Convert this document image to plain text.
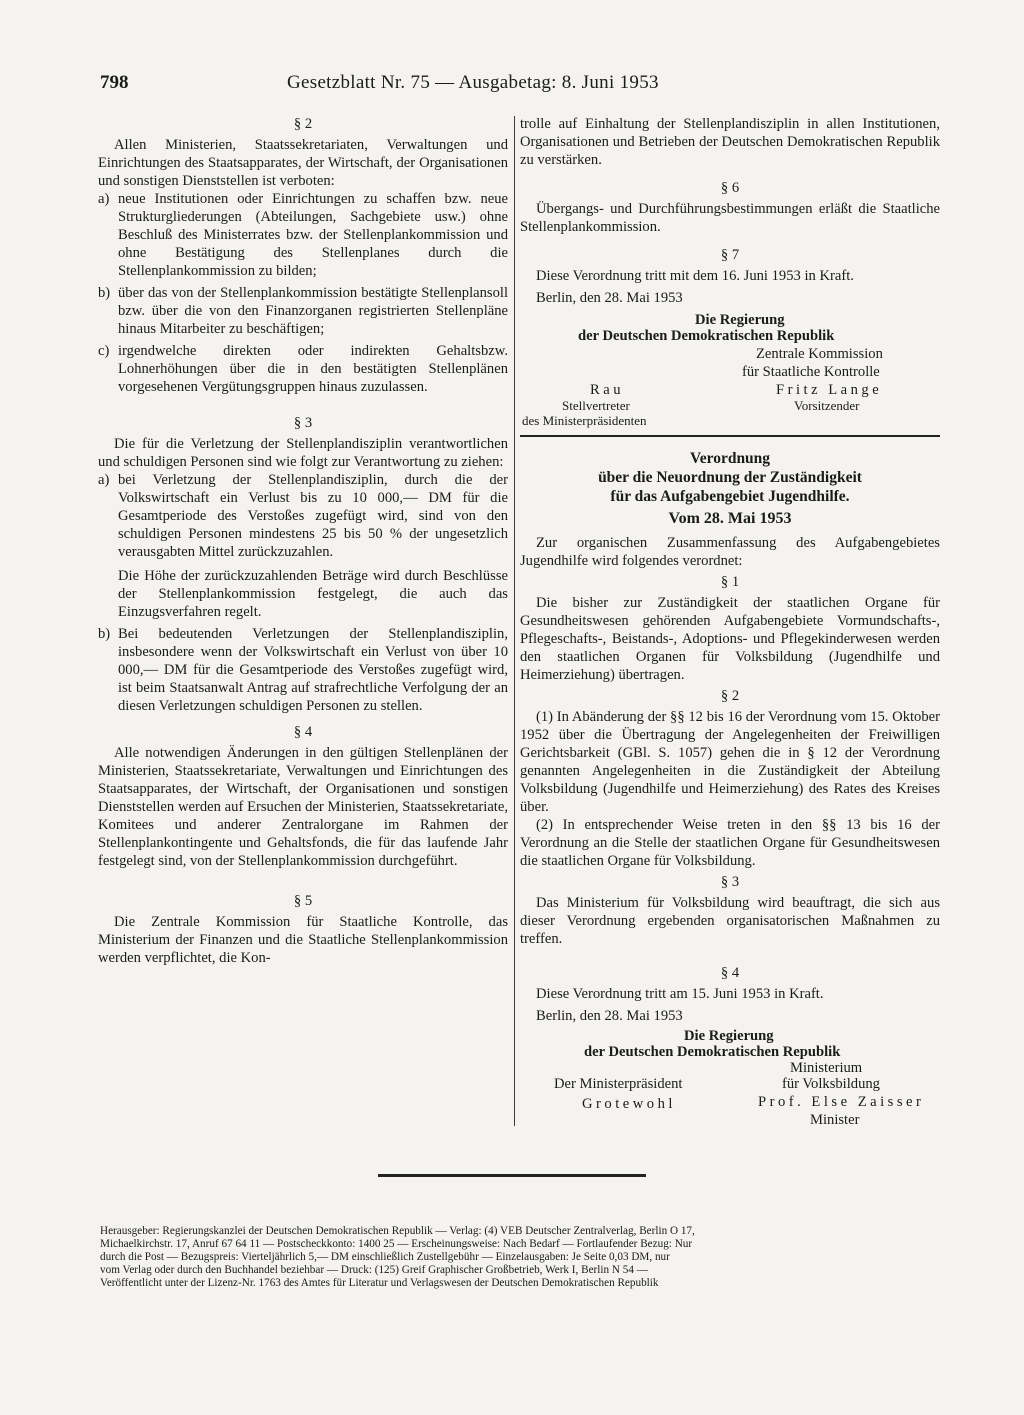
798	Gesetzblatt Nr. 75 — Ausgabetag: 8. Juni 1953
§ 2

Allen Ministerien, Staatssekretariaten, Verwaltungen und Einrichtungen des Staatsapparates, der Wirtschaft, der Organisationen und sonstigen Dienststellen ist verboten:

a) neue Institutionen oder Einrichtungen zu schaffen bzw. neue Strukturgliederungen (Abteilungen, Sachgebiete usw.) ohne Beschluß des Ministerrates bzw. der Stellenplankommission und ohne Bestätigung des Stellenplanes durch die Stellenplankommission zu bilden;

b) über das von der Stellenplankommission bestätigte Stellenplansoll bzw. über die von den Finanzorganen registrierten Stellenpläne hinaus Mitarbeiter zu beschäftigen;

c) irgendwelche direkten oder indirekten Gehaltsbzw. Lohnerhöhungen über die in den bestätigten Stellenplänen vorgesehenen Vergütungsgruppen hinaus zuzulassen.

§ 3

Die für die Verletzung der Stellenplandisziplin verantwortlichen und schuldigen Personen sind wie folgt zur Verantwortung zu ziehen:

a) bei Verletzung der Stellenplandisziplin, durch die der Volkswirtschaft ein Verlust bis zu 10 000,— DM für die Gesamtperiode des Verstoßes zugefügt wird, sind von den schuldigen Personen mindestens 25 bis 50 % der ungesetzlich verausgabten Mittel zurückzuzahlen.

Die Höhe der zurückzuzahlenden Beträge wird durch Beschlüsse der Stellenplankommission festgelegt, die auch das Einzugsverfahren regelt.

b) Bei bedeutenden Verletzungen der Stellenplandisziplin, insbesondere wenn der Volkswirtschaft ein Verlust von über 10 000,— DM für die Gesamtperiode des Verstoßes zugefügt wird, ist beim Staatsanwalt Antrag auf strafrechtliche Verfolgung der an diesen Verletzungen schuldigen Personen zu stellen.

§ 4

Alle notwendigen Änderungen in den gültigen Stellenplänen der Ministerien, Staatssekretariate, Verwaltungen und Einrichtungen des Staatsapparates, der Wirtschaft, der Organisationen und sonstigen Dienststellen werden auf Ersuchen der Ministerien, Staatssekretariate, Komitees und anderer Zentralorgane im Rahmen der Stellenplankontingente und Gehaltsfonds, die für das laufende Jahr festgelegt sind, von der Stellenplankommission durchgeführt.

§ 5

Die Zentrale Kommission für Staatliche Kontrolle, das Ministerium der Finanzen und die Staatliche Stellenplankommission werden verpflichtet, die Kon-

trolle auf Einhaltung der Stellenplandisziplin in allen Institutionen, Organisationen und Betrieben der Deutschen Demokratischen Republik zu verstärken.

§ 6

Übergangs- und Durchführungsbestimmungen erläßt die Staatliche Stellenplankommission.

§ 7

Diese Verordnung tritt mit dem 16. Juni 1953 in Kraft.

Berlin, den 28. Mai 1953

Die Regierung
der Deutschen Demokratischen Republik
Zentrale Kommission
für Staatliche Kontrolle
Rau	Fritz Lange
Stellvertreter	Vorsitzender
des Ministerpräsidenten
Verordnung
über die Neuordnung der Zuständigkeit
für das Aufgabengebiet Jugendhilfe.
Vom 28. Mai 1953

Zur organischen Zusammenfassung des Aufgabengebietes Jugendhilfe wird folgendes verordnet:

§ 1

Die bisher zur Zuständigkeit der staatlichen Organe für Gesundheitswesen gehörenden Aufgabengebiete Vormundschafts-, Pflegeschafts-, Beistands-, Adoptions- und Pflegekinderwesen werden den staatlichen Organen für Volksbildung (Jugendhilfe und Heimerziehung) übertragen.

§ 2

(1) In Abänderung der §§ 12 bis 16 der Verordnung vom 15. Oktober 1952 über die Übertragung der Angelegenheiten der Freiwilligen Gerichtsbarkeit (GBl. S. 1057) gehen die in § 12 der Verordnung genannten Angelegenheiten in die Zuständigkeit der Abteilung Volksbildung (Jugendhilfe und Heimerziehung) des Rates des Kreises über.

(2) In entsprechender Weise treten in den §§ 13 bis 16 der Verordnung an die Stelle der staatlichen Organe für Gesundheitswesen die staatlichen Organe für Volksbildung.

§ 3

Das Ministerium für Volksbildung wird beauftragt, die sich aus dieser Verordnung ergebenden organisatorischen Maßnahmen zu treffen.

§ 4

Diese Verordnung tritt am 15. Juni 1953 in Kraft.

Berlin, den 28. Mai 1953

Die Regierung
der Deutschen Demokratischen Republik
Ministerium
Der Ministerpräsident	für Volksbildung
Grotewohl	Prof. Else Zaisser
Minister
Herausgeber: Regierungskanzlei der Deutschen Demokratischen Republik — Verlag: (4) VEB Deutscher Zentralverlag, Berlin O 17,
Michaelkirchstr. 17, Anruf 67 64 11 — Postscheckkonto: 1400 25 — Erscheinungsweise: Nach Bedarf — Fortlaufender Bezug: Nur
durch die Post — Bezugspreis: Vierteljährlich 5,— DM einschließlich Zustellgebühr — Einzelausgaben: Je Seite 0,03 DM, nur
vom Verlag oder durch den Buchhandel beziehbar — Druck: (125) Greif Graphischer Großbetrieb, Werk I, Berlin N 54 —
Veröffentlicht unter der Lizenz-Nr. 1763 des Amtes für Literatur und Verlagswesen der Deutschen Demokratischen Republik
